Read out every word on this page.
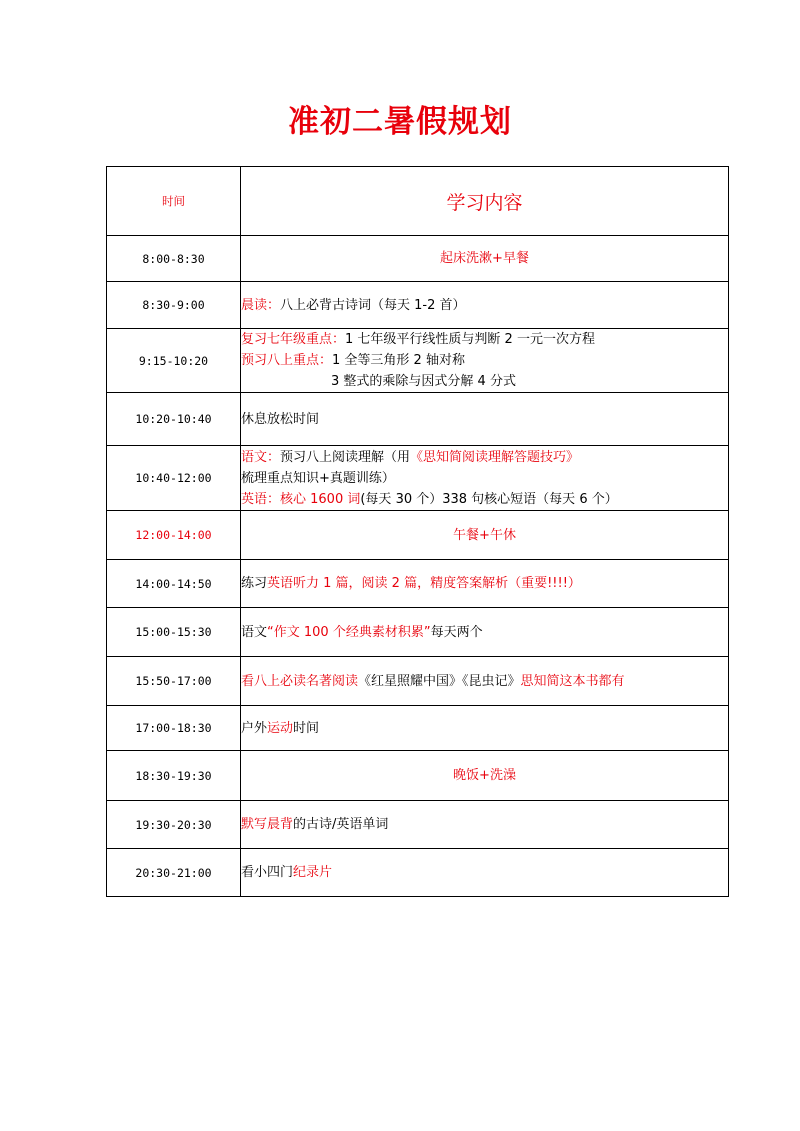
准初二暑假规划
时间	学习内容
8:00-8:30	起床洗漱+早餐
8:30-9:00	晨读：八上必背古诗词（每天 1-2 首）
9:15-10:20	复习七年级重点：1 七年级平行线性质与判断 2 一元一次方程
预习八上重点：1 全等三角形 2 轴对称
3 整式的乘除与因式分解 4 分式

10:20-10:40	休息放松时间
10:40-12:00	语文：预习八上阅读理解（用《思知简阅读理解答题技巧》
梳理重点知识+真题训练）
英语：核心 1600 词(每天 30 个）338 句核心短语（每天 6 个）

12:00-14:00	午餐+午休
14:00-14:50	练习英语听力 1 篇，阅读 2 篇，精度答案解析（重要!!!!）
15:00-15:30	语文“作文 100 个经典素材积累”每天两个
15:50-17:00	看八上必读名著阅读《红星照耀中国》《昆虫记》思知简这本书都有
17:00-18:30	户外运动时间
18:30-19:30	晚饭+洗澡
19:30-20:30	默写晨背的古诗/英语单词
20:30-21:00	看小四门纪录片
